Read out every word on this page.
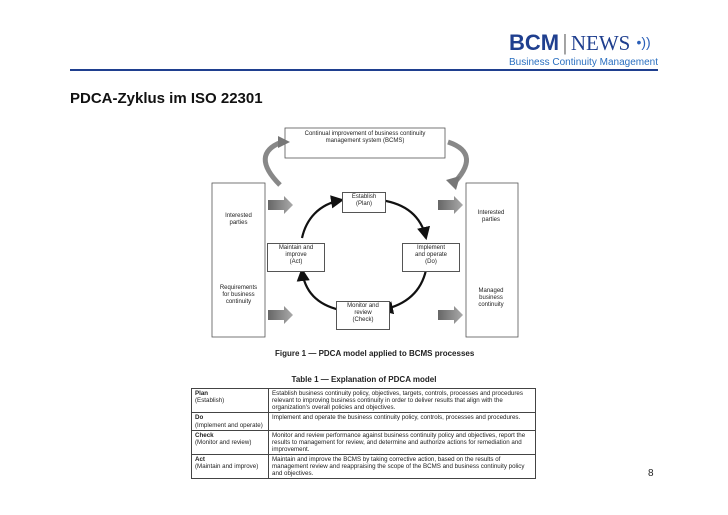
BCM | NEWS •))
Business Continuity Management
PDCA-Zyklus im ISO 22301
Continual improvement of business continuity
management system (BCMS)
Interested
parties
Requirements
for business
continuity
Interested
parties
Managed
business
continuity
Establish
(Plan)
Implement
and operate
(Do)
Monitor and
review
(Check)
Maintain and
improve
(Act)
Figure 1 — PDCA model applied to BCMS processes
Table 1 — Explanation of PDCA model
Plan
(Establish)	Establish business continuity policy, objectives, targets, controls, processes and procedures relevant to improving business continuity in order to deliver results that align with the organization's overall policies and objectives.

Do
(Implement and operate)	Implement and operate the business continuity policy, controls, processes and procedures.

Check
(Monitor and review)	Monitor and review performance against business continuity policy and objectives, report the results to management for review, and determine and authorize actions for remediation and improvement.

Act
(Maintain and improve)	Maintain and improve the BCMS by taking corrective action, based on the results of management review and reappraising the scope of the BCMS and business continuity policy and objectives.	8
